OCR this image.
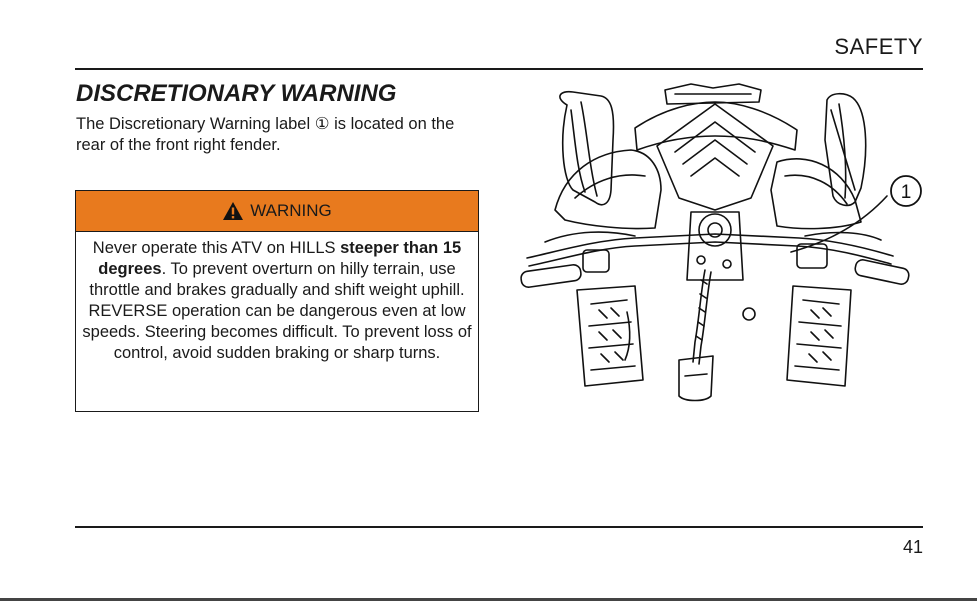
SAFETY
DISCRETIONARY WARNING
The Discretionary Warning label ① is located on the rear of the front right fender.
WARNING

Never operate this ATV on HILLS steeper than 15 degrees. To prevent overturn on hilly terrain, use throttle and brakes gradually and shift weight uphill.

REVERSE operation can be dangerous even at low speeds. Steering becomes difficult. To prevent loss of control, avoid sudden braking or sharp turns.

1
41
